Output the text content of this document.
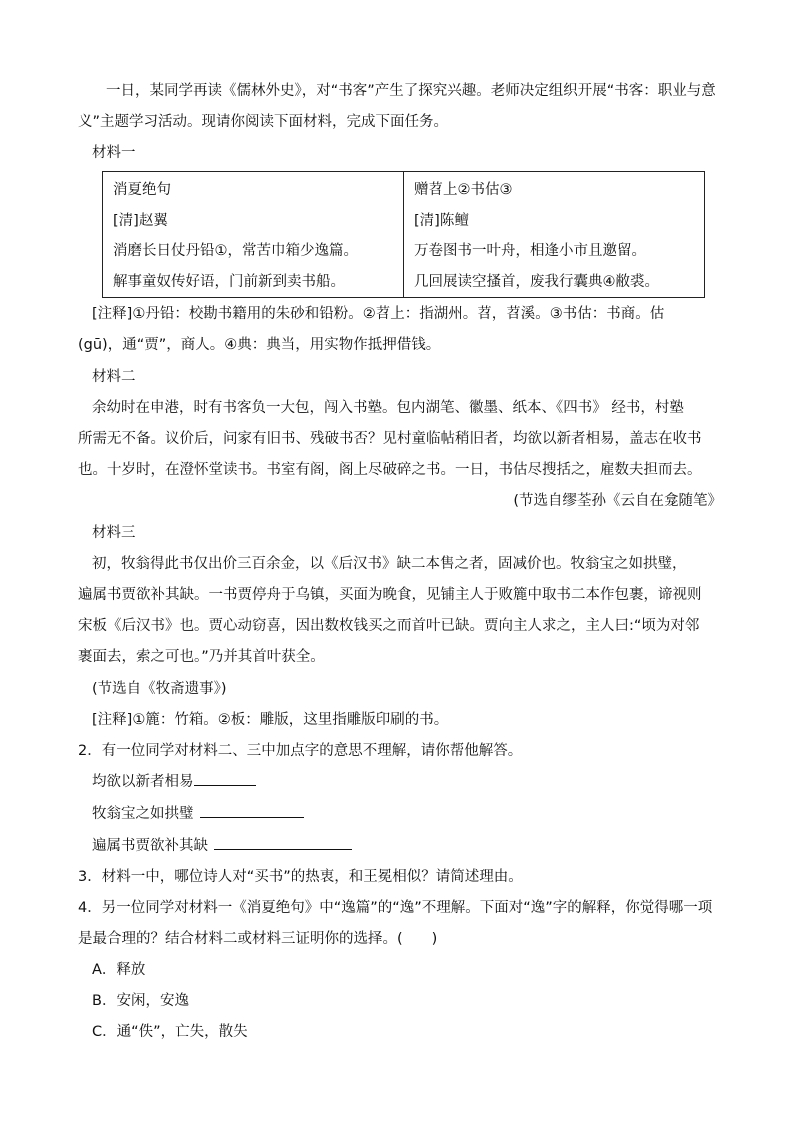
一日，某同学再读《儒林外史》，对“书客”产生了探究兴趣。老师决定组织开展“书客：职业与意
义”主题学习活动。现请你阅读下面材料，完成下面任务。
材料一
消夏绝句
[清]赵翼
消磨长日仗丹铅①，常苦巾箱少逸篇。
解事童奴传好语，门前新到卖书船。

赠苕上②书估③
[清]陈鳣
万卷图书一叶舟，相逢小市且邀留。
几回展读空搔首，废我行囊典④敝裘。
[注释]①丹铅：校勘书籍用的朱砂和铅粉。②苕上：指湖州。苕，苕溪。③书估：书商。估
(gū)，通“贾”，商人。④典：典当，用实物作抵押借钱。
材料二
余幼时在申港，时有书客负一大包，闯入书塾。包内湖笔、徽墨、纸本、《四书》 经书，村塾
所需无不备。议价后，问家有旧书、残破书否？见村童临帖稍旧者，均欲以新者相易，盖志在收书
也。十岁时，在澄怀堂读书。书室有阁，阁上尽破碎之书。一日，书估尽搜括之，雇数夫担而去。
(节选自缪荃孙《云自在龛随笔》
材料三
初，牧翁得此书仅出价三百余金，以《后汉书》缺二本售之者，固减价也。牧翁宝之如拱璧，
遍属书贾欲补其缺。一书贾停舟于乌镇，买面为晚食，见铺主人于败簏中取书二本作包裹，谛视则
宋板《后汉书》也。贾心动窃喜，因出数枚钱买之而首叶已缺。贾向主人求之，主人曰:“顷为对邻
裹面去，索之可也。”乃并其首叶获全。
(节选自《牧斋遗事》)
[注释]①簏：竹箱。②板：雕版，这里指雕版印刷的书。
2．有一位同学对材料二、三中加点字的意思不理解，请你帮他解答。
均欲以新者相易
牧翁宝之如拱璧
遍属书贾欲补其缺
3．材料一中，哪位诗人对“买书”的热衷，和王冕相似？请简述理由。
4．另一位同学对材料一《消夏绝句》中“逸篇”的“逸”不理解。下面对“逸”字的解释，你觉得哪一项
是最合理的？结合材料二或材料三证明你的选择。(　　)
A．释放
B．安闲，安逸
C．通“佚”，亡失，散失
